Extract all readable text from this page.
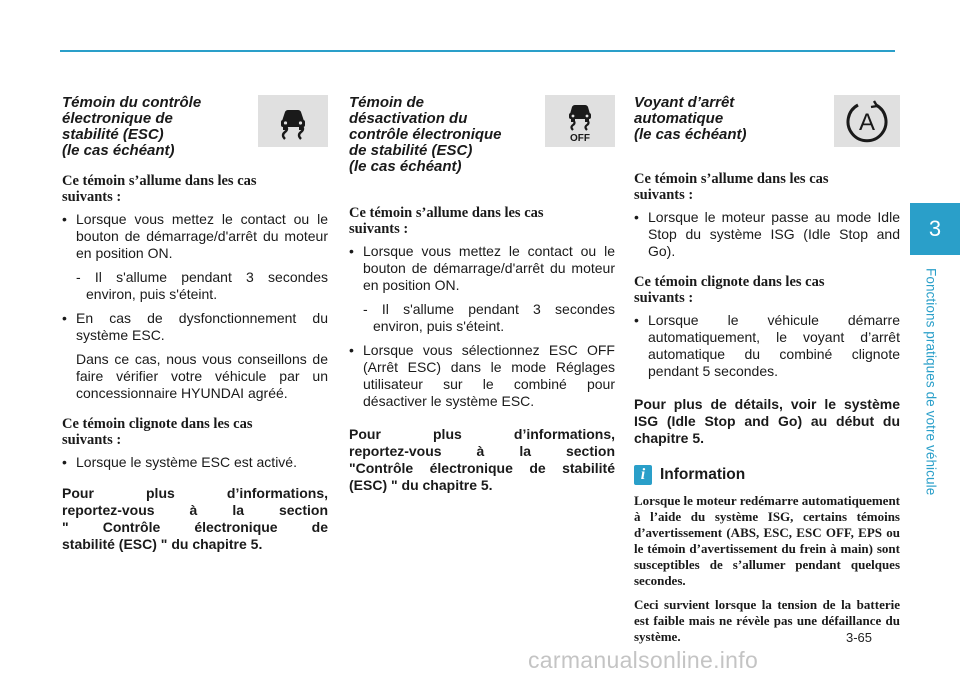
3
Fonctions pratiques de votre véhicule
Témoin du contrôle
électronique de
stabilité (ESC)
(le cas échéant)
Ce témoin s’allume dans les cas
suivants :
• Lorsque vous mettez le contact ou le bouton de démarrage/d'arrêt du moteur en position ON.
- Il s'allume pendant 3 secondes environ, puis s'éteint.
• En cas de dysfonctionnement du système ESC.
Dans ce cas, nous vous conseillons de faire vérifier votre véhicule par un concessionnaire HYUNDAI agréé.
Ce témoin clignote dans les cas
suivants :
• Lorsque le système ESC est activé.
Pour plus d’informations,
reportez-vous à la section
" Contrôle électronique de
stabilité (ESC) " du chapitre 5.
Témoin de
désactivation du
contrôle électronique
de stabilité (ESC)
(le cas échéant)
OFF
Ce témoin s’allume dans les cas
suivants :
• Lorsque vous mettez le contact ou le bouton de démarrage/d'arrêt du moteur en position ON.
- Il s'allume pendant 3 secondes environ, puis s'éteint.
• Lorsque vous sélectionnez ESC OFF (Arrêt ESC) dans le mode Réglages utilisateur sur le combiné pour désactiver le système ESC.
Pour plus d’informations,
reportez-vous à la section
"Contrôle électronique de stabilité
(ESC) " du chapitre 5.
Voyant d’arrêt
automatique
(le cas échéant)	A
Ce témoin s’allume dans les cas
suivants :
• Lorsque le moteur passe au mode Idle Stop du système ISG (Idle Stop and Go).
Ce témoin clignote dans les cas
suivants :
• Lorsque le véhicule démarre automatiquement, le voyant d’arrêt automatique du combiné clignote pendant 5 secondes.
Pour plus de détails, voir le système ISG (Idle Stop and Go) au début du chapitre 5.
i Information
Lorsque le moteur redémarre automatiquement à l’aide du système ISG, certains témoins d’avertissement (ABS, ESC, ESC OFF, EPS ou le témoin d’avertissement du frein à main) sont susceptibles de s’allumer pendant quelques secondes.
Ceci survient lorsque la tension de la batterie est faible mais ne révèle pas une défaillance du système.	3-65
carmanualsonline.info
